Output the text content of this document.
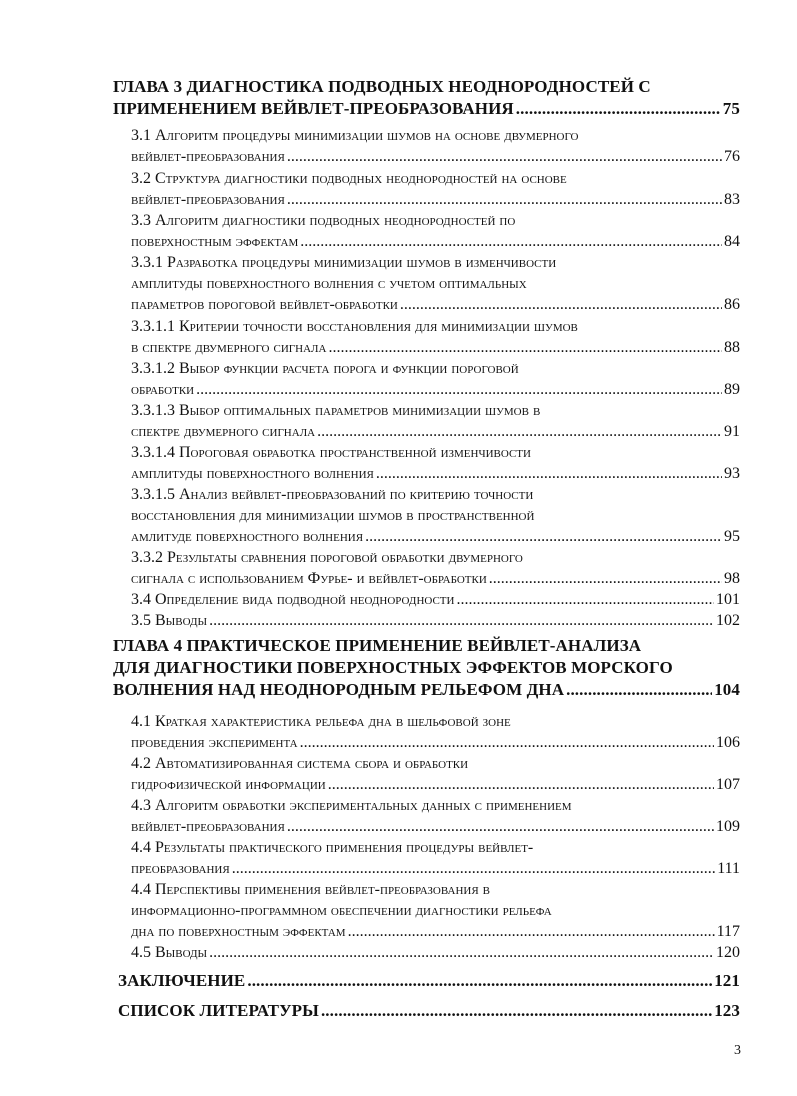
ГЛАВА 3 ДИАГНОСТИКА ПОДВОДНЫХ НЕОДНОРОДНОСТЕЙ С
ПРИМЕНЕНИЕМ ВЕЙВЛЕТ-ПРЕОБРАЗОВАНИЯ .....	75
3.1 Алгоритм процедуры минимизации шумов на основе двумерного
вейвлет-преобразования .....	76
3.2 Структура диагностики подводных неоднородностей на основе
вейвлет-преобразования .....	83
3.3 Алгоритм диагностики подводных неоднородностей по
поверхностным эффектам .....	84
3.3.1 Разработка процедуры минимизации шумов в изменчивости
амплитуды поверхностного волнения с учетом оптимальных
параметров пороговой вейвлет-обработки .....	86
3.3.1.1 Критерии точности восстановления для минимизации шумов
в спектре двумерного сигнала .....	88
3.3.1.2 Выбор функции расчета порога и функции пороговой
обработки .....	89
3.3.1.3 Выбор оптимальных параметров минимизации шумов в
спектре двумерного сигнала .....	91
3.3.1.4 Пороговая обработка пространственной изменчивости
амплитуды поверхностного волнения .....	93
3.3.1.5 Анализ вейвлет-преобразований по критерию точности
восстановления для минимизации шумов в пространственной
амлитуде поверхностного волнения .....	95
3.3.2 Результаты сравнения пороговой обработки двумерного
сигнала с использованием Фурье- и вейвлет-обработки .....	98
3.4 Определение вида подводной неоднородности .....	101
3.5 Выводы .....	102
ГЛАВА 4 ПРАКТИЧЕСКОЕ ПРИМЕНЕНИЕ ВЕЙВЛЕТ-АНАЛИЗА
ДЛЯ ДИАГНОСТИКИ ПОВЕРХНОСТНЫХ ЭФФЕКТОВ МОРСКОГО
ВОЛНЕНИЯ НАД НЕОДНОРОДНЫМ РЕЛЬЕФОМ ДНА .....	104
4.1 Краткая характеристика рельефа дна в шельфовой зоне
проведения эксперимента .....	106
4.2 Автоматизированная система сбора и обработки
гидрофизической информации .....	107
4.3 Алгоритм обработки экспериментальных данных с применением
вейвлет-преобразования .....	109
4.4 Результаты практического применения процедуры вейвлет-
преобразования .....	111
4.4 Перспективы применения вейвлет-преобразования в
информационно-программном обеспечении диагностики рельефа
дна по поверхностным эффектам .....	117
4.5 Выводы .....	120
ЗАКЛЮЧЕНИЕ .....	121
СПИСОК ЛИТЕРАТУРЫ .....	123
3
